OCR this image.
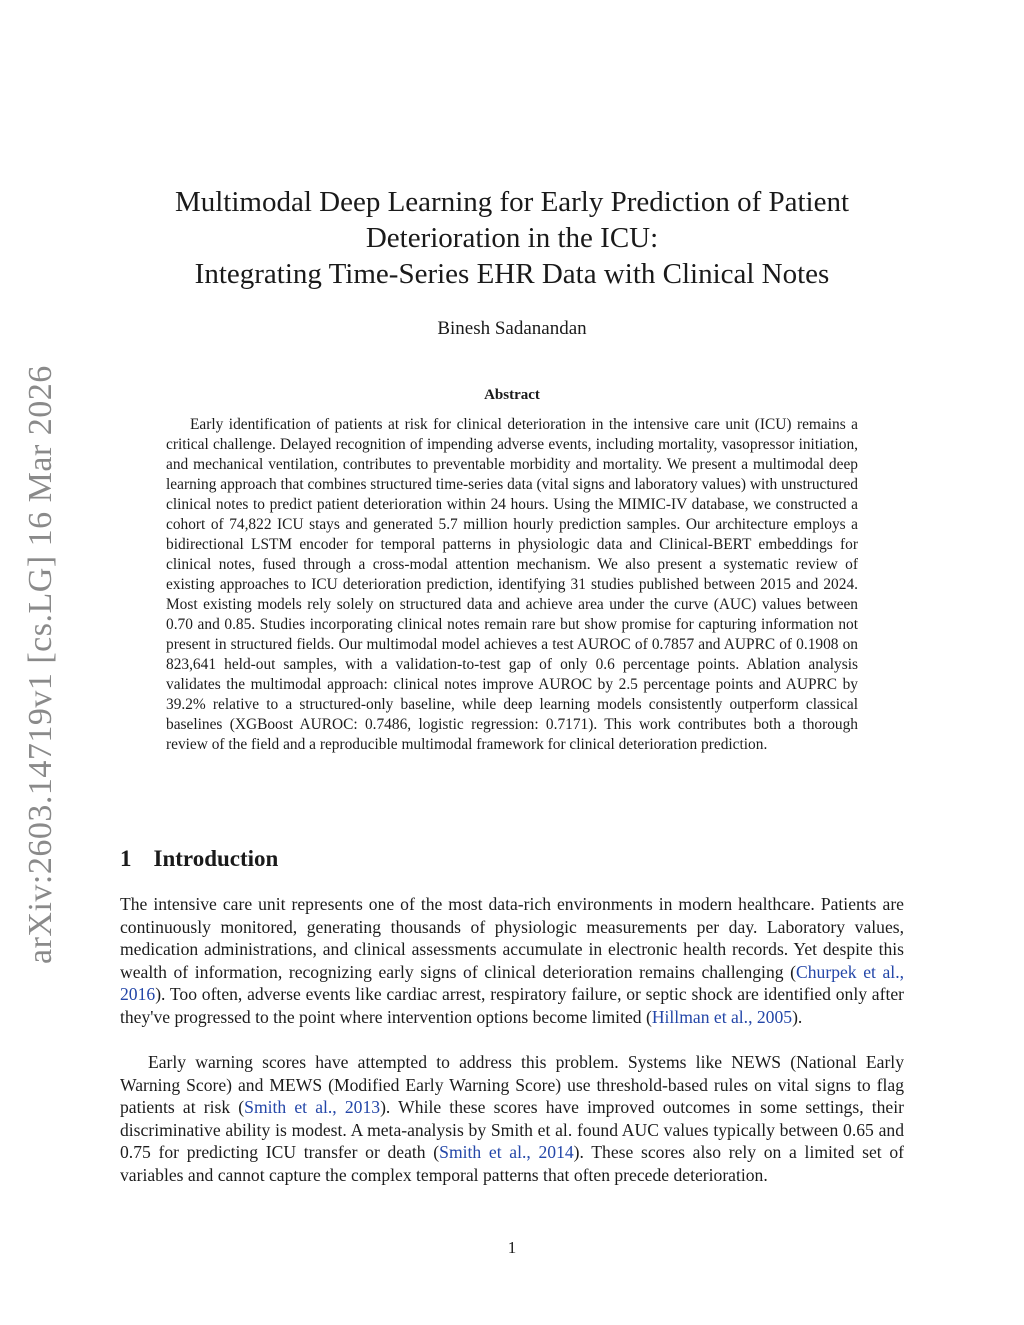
arXiv:2603.14719v1 [cs.LG] 16 Mar 2026
Multimodal Deep Learning for Early Prediction of Patient
Deterioration in the ICU:
Integrating Time-Series EHR Data with Clinical Notes
Binesh Sadanandan
Abstract

Early identification of patients at risk for clinical deterioration in the intensive care unit (ICU) remains a critical challenge. Delayed recognition of impending adverse events, including mortality, vasopressor initiation, and mechanical ventilation, contributes to preventable morbidity and mortality. We present a multimodal deep learning approach that combines structured time-series data (vital signs and laboratory values) with unstructured clinical notes to predict patient deterioration within 24 hours. Using the MIMIC-IV database, we constructed a cohort of 74,822 ICU stays and generated 5.7 million hourly prediction samples. Our architecture employs a bidirectional LSTM encoder for temporal patterns in physiologic data and Clinical-BERT embeddings for clinical notes, fused through a cross-modal attention mechanism. We also present a systematic review of existing approaches to ICU deterioration prediction, identifying 31 studies published between 2015 and 2024. Most existing models rely solely on structured data and achieve area under the curve (AUC) values between 0.70 and 0.85. Studies incorporating clinical notes remain rare but show promise for capturing information not present in structured fields. Our multimodal model achieves a test AUROC of 0.7857 and AUPRC of 0.1908 on 823,641 held-out samples, with a validation-to-test gap of only 0.6 percentage points. Ablation analysis validates the multimodal approach: clinical notes improve AUROC by 2.5 percentage points and AUPRC by 39.2% relative to a structured-only baseline, while deep learning models consistently outperform classical baselines (XGBoost AUROC: 0.7486, logistic regression: 0.7171). This work contributes both a thorough review of the field and a reproducible multimodal framework for clinical deterioration prediction.

1 Introduction

The intensive care unit represents one of the most data-rich environments in modern healthcare. Patients are continuously monitored, generating thousands of physiologic measurements per day. Laboratory values, medication administrations, and clinical assessments accumulate in electronic health records. Yet despite this wealth of information, recognizing early signs of clinical deterioration remains challenging (Churpek et al., 2016). Too often, adverse events like cardiac arrest, respiratory failure, or septic shock are identified only after they've progressed to the point where intervention options become limited (Hillman et al., 2005).

Early warning scores have attempted to address this problem. Systems like NEWS (National Early Warning Score) and MEWS (Modified Early Warning Score) use threshold-based rules on vital signs to flag patients at risk (Smith et al., 2013). While these scores have improved outcomes in some settings, their discriminative ability is modest. A meta-analysis by Smith et al. found AUC values typically between 0.65 and 0.75 for predicting ICU transfer or death (Smith et al., 2014). These scores also rely on a limited set of variables and cannot capture the complex temporal patterns that often precede deterioration.

1
